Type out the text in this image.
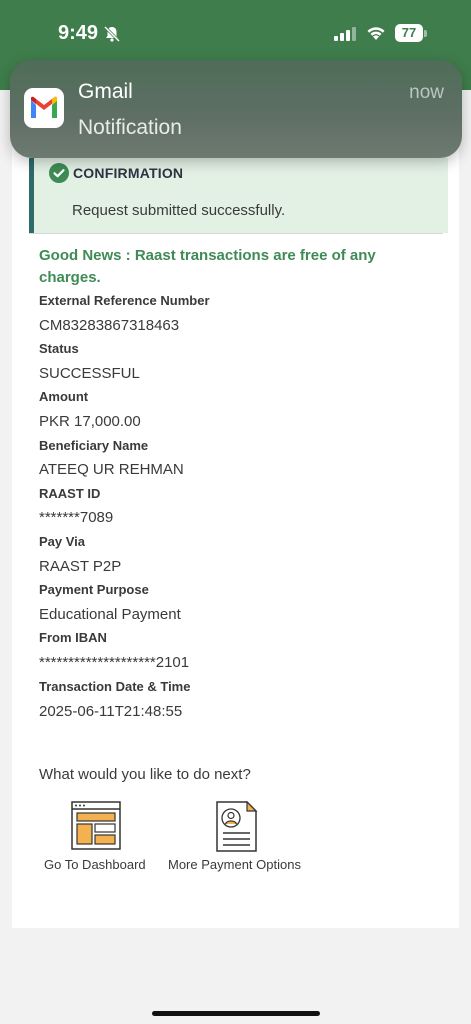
9:49	77
CONFIRMATION
Request submitted successfully.
Good News : Raast transactions are free of any charges.
External Reference Number
CM83283867318463
Status
SUCCESSFUL
Amount
PKR 17,000.00
Beneficiary Name
ATEEQ UR REHMAN
RAAST ID
*******7089
Pay Via
RAAST P2P
Payment Purpose
Educational Payment
From IBAN
********************2101
Transaction Date & Time
2025-06-11T21:48:55
What would you like to do next?
Go To Dashboard More Payment Options
Gmail	now
Notification
